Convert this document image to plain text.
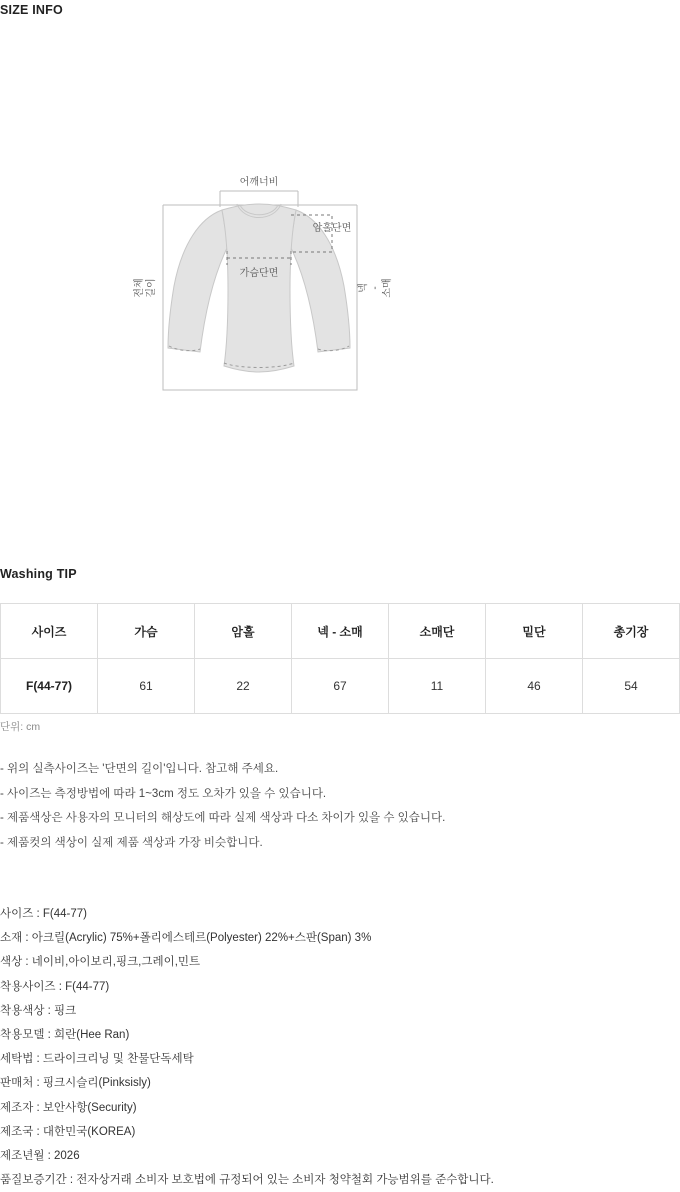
SIZE INFO
어깨너비
암홀단면
가슴단면
전체 길이	넥 - 소매
Washing TIP
사이즈	가슴	암홀	넥 - 소매	소매단	밑단	총기장
F(44-77)	61	22	67	11	46	54
단위: cm
- 위의 실측사이즈는 '단면의 길이'입니다. 참고해 주세요.
- 사이즈는 측정방법에 따라 1~3cm 정도 오차가 있을 수 있습니다.
- 제품색상은 사용자의 모니터의 해상도에 따라 실제 색상과 다소 차이가 있을 수 있습니다.
- 제품컷의 색상이 실제 제품 색상과 가장 비슷합니다.
사이즈 : F(44-77)
소재 : 아크릴(Acrylic) 75%+폴리에스테르(Polyester) 22%+스판(Span) 3%
색상 : 네이비,아이보리,핑크,그레이,민트
착용사이즈 : F(44-77)
착용색상 : 핑크
착용모델 : 희란(Hee Ran)
세탁법 : 드라이크리닝 및 찬물단독세탁
판매처 : 핑크시슬리(Pinksisly)
제조자 : 보안사항(Security)
제조국 : 대한민국(KOREA)
제조년월 : 2026
품질보증기간 : 전자상거래 소비자 보호법에 규정되어 있는 소비자 청약철회 가능범위를 준수합니다.
